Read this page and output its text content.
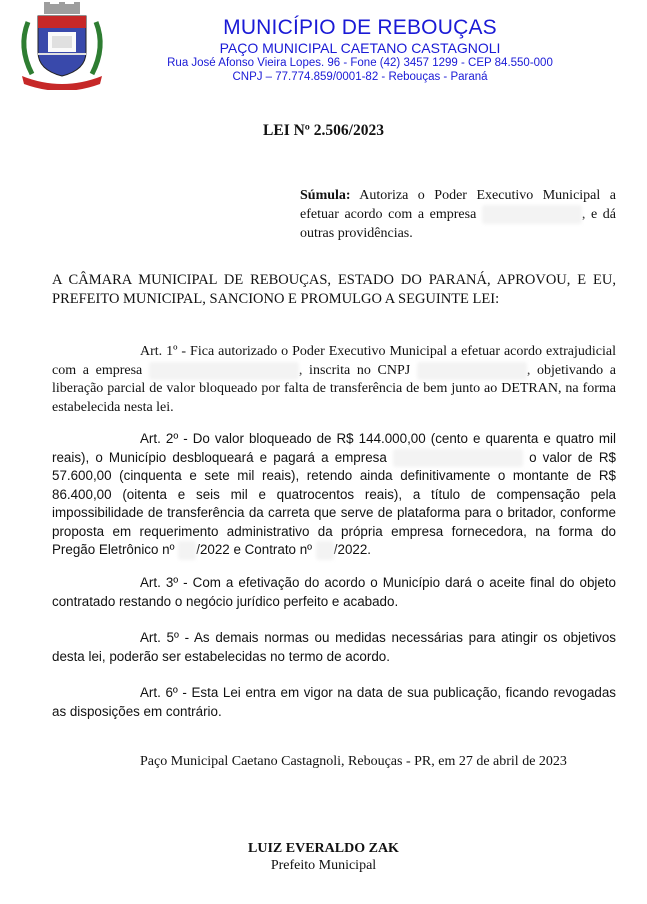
MUNICÍPIO DE REBOUÇAS
PAÇO MUNICIPAL CAETANO CASTAGNOLI
Rua José Afonso Vieira Lopes. 96 - Fone (42) 3457 1299 - CEP 84.550-000
CNPJ – 77.774.859/0001-82 - Rebouças - Paraná
LEI Nº 2.506/2023
Súmula: Autoriza o Poder Executivo Municipal a efetuar acordo com a empresa	, e dá outras providências.
A CÂMARA MUNICIPAL DE REBOUÇAS, ESTADO DO PARANÁ, APROVOU, E EU, PREFEITO MUNICIPAL, SANCIONO E PROMULGO A SEGUINTE LEI:
Art. 1º - Fica autorizado o Poder Executivo Municipal a efetuar acordo extrajudicial com a empresa	, inscrita no CNPJ	, objetivando a liberação parcial de valor bloqueado por falta de transferência de bem junto ao DETRAN, na forma estabelecida nesta lei.
Art. 2º - Do valor bloqueado de R$ 144.000,00 (cento e quarenta e quatro mil reais), o Município desbloqueará e pagará a empresa	o valor de R$ 57.600,00 (cinquenta e sete mil reais), retendo ainda definitivamente o montante de R$ 86.400,00 (oitenta e seis mil e quatrocentos reais), a título de compensação pela impossibilidade de transferência da carreta que serve de plataforma para o britador, conforme proposta em requerimento administrativo da própria empresa fornecedora, na forma do Pregão Eletrônico nº  /2022 e Contrato nº  /2022.
Art. 3º - Com a efetivação do acordo o Município dará o aceite final do objeto contratado restando o negócio jurídico perfeito e acabado.
Art. 5º - As demais normas ou medidas necessárias para atingir os objetivos desta lei, poderão ser estabelecidas no termo de acordo.
Art. 6º - Esta Lei entra em vigor na data de sua publicação, ficando revogadas as disposições em contrário.
Paço Municipal Caetano Castagnoli, Rebouças - PR, em 27 de abril de 2023
LUIZ EVERALDO ZAK
Prefeito Municipal
